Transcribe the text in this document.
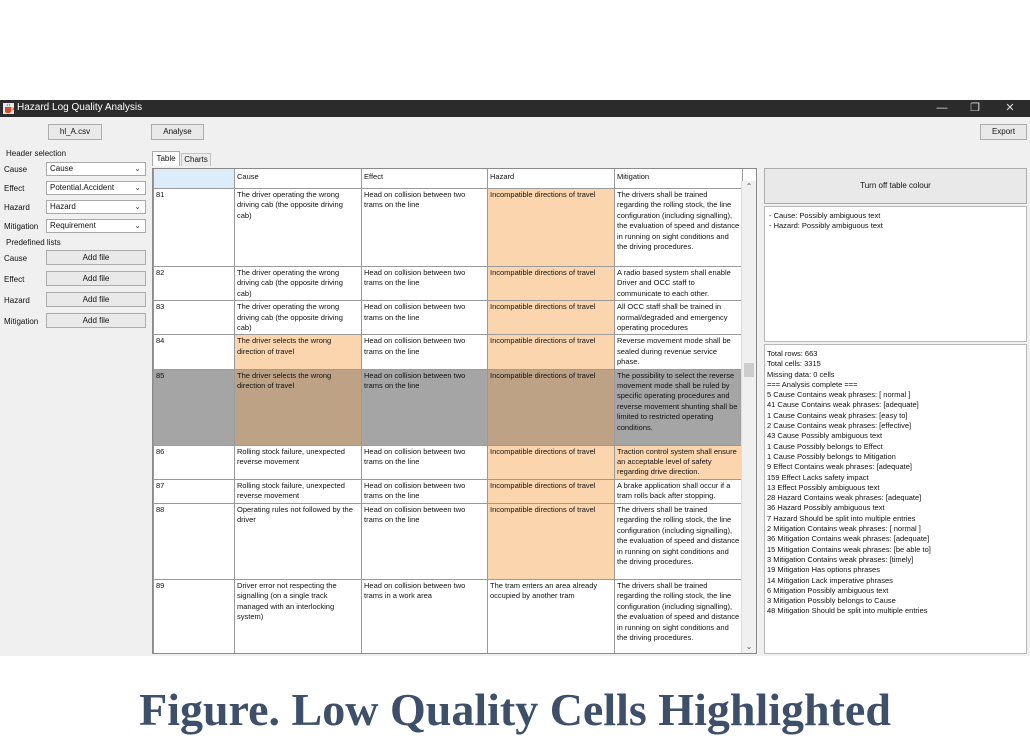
Hazard Log Quality Analysis	—	❐	✕
hl_A.csv	Analyse	Export
Header selection
Cause	Cause	⌄
Effect	Potential.Accident	⌄
Hazard	Hazard	⌄
Mitigation	Requirement	⌄
Predefined lists
Cause	Add file
Effect	Add file
Hazard	Add file
Mitigation	Add file
Table	Charts
	Cause	Effect	Hazard	Mitigation
81	The driver operating the wrong driving cab (the opposite driving cab)	Head on collision between two trams on the line	Incompatible directions of travel	The drivers shall be trained regarding the rolling stock, the line configuration (including signalling), the evaluation of speed and distance in running on sight conditions and the driving procedures.
82	The driver operating the wrong driving cab (the opposite driving cab)	Head on collision between two trams on the line	Incompatible directions of travel	A radio based system shall enable Driver and OCC staff to communicate to each other.
83	The driver operating the wrong driving cab (the opposite driving cab)	Head on collision between two trams on the line	Incompatible directions of travel	All OCC staff shall be trained in normal/degraded and emergency operating procedures
84	The driver selects the wrong direction of travel	Head on collision between two trams on the line	Incompatible directions of travel	Reverse movement mode shall be sealed during revenue service phase.
85	The driver selects the wrong direction of travel	Head on collision between two trams on the line	Incompatible directions of travel	The possibility to select the reverse movement mode shall be ruled by specific operating procedures and reverse movement shunting shall be limited to restricted operating conditions.
86	Rolling stock failure, unexpected reverse movement	Head on collision between two trams on the line	Incompatible directions of travel	Traction control system shall ensure an acceptable level of safety regarding drive direction.
87	Rolling stock failure, unexpected reverse movement	Head on collision between two trams on the line	Incompatible directions of travel	A brake application shall occur if a tram rolls back after stopping.
88	Operating rules not followed by the driver	Head on collision between two trams on the line	Incompatible directions of travel	The drivers shall be trained regarding the rolling stock, the line configuration (including signalling), the evaluation of speed and distance in running on sight conditions and the driving procedures.
89	Driver error not respecting the signalling (on a single track managed with an interlocking system)	Head on collision between two trams in a work area	The tram enters an area already occupied by another tram	The drivers shall be trained regarding the rolling stock, the line configuration (including signalling), the evaluation of speed and distance in running on sight conditions and the driving procedures.
⌃
⌄
Turn off table colour
- Cause: Possibly ambiguous text
- Hazard: Possibly ambiguous text
Total rows: 663
Total cells: 3315
Missing data: 0 cells
=== Analysis complete ===
5 Cause Contains weak phrases: [ normal ]
41 Cause Contains weak phrases: [adequate]
1 Cause Contains weak phrases: [easy to]
2 Cause Contains weak phrases: [effective]
43 Cause Possibly ambiguous text
1 Cause Possibly belongs to Effect
1 Cause Possibly belongs to Mitigation
9 Effect Contains weak phrases: [adequate]
159 Effect Lacks safety impact
13 Effect Possibly ambiguous text
28 Hazard Contains weak phrases: [adequate]
36 Hazard Possibly ambiguous text
7 Hazard Should be split into multiple entries
2 Mitigation Contains weak phrases: [ normal ]
36 Mitigation Contains weak phrases: [adequate]
15 Mitigation Contains weak phrases: [be able to]
3 Mitigation Contains weak phrases: [timely]
19 Mitigation Has options phrases
14 Mitigation Lack imperative phrases
6 Mitigation Possibly ambiguous text
3 Mitigation Possibly belongs to Cause
48 Mitigation Should be split into multiple entries
Figure. Low Quality Cells Highlighted
